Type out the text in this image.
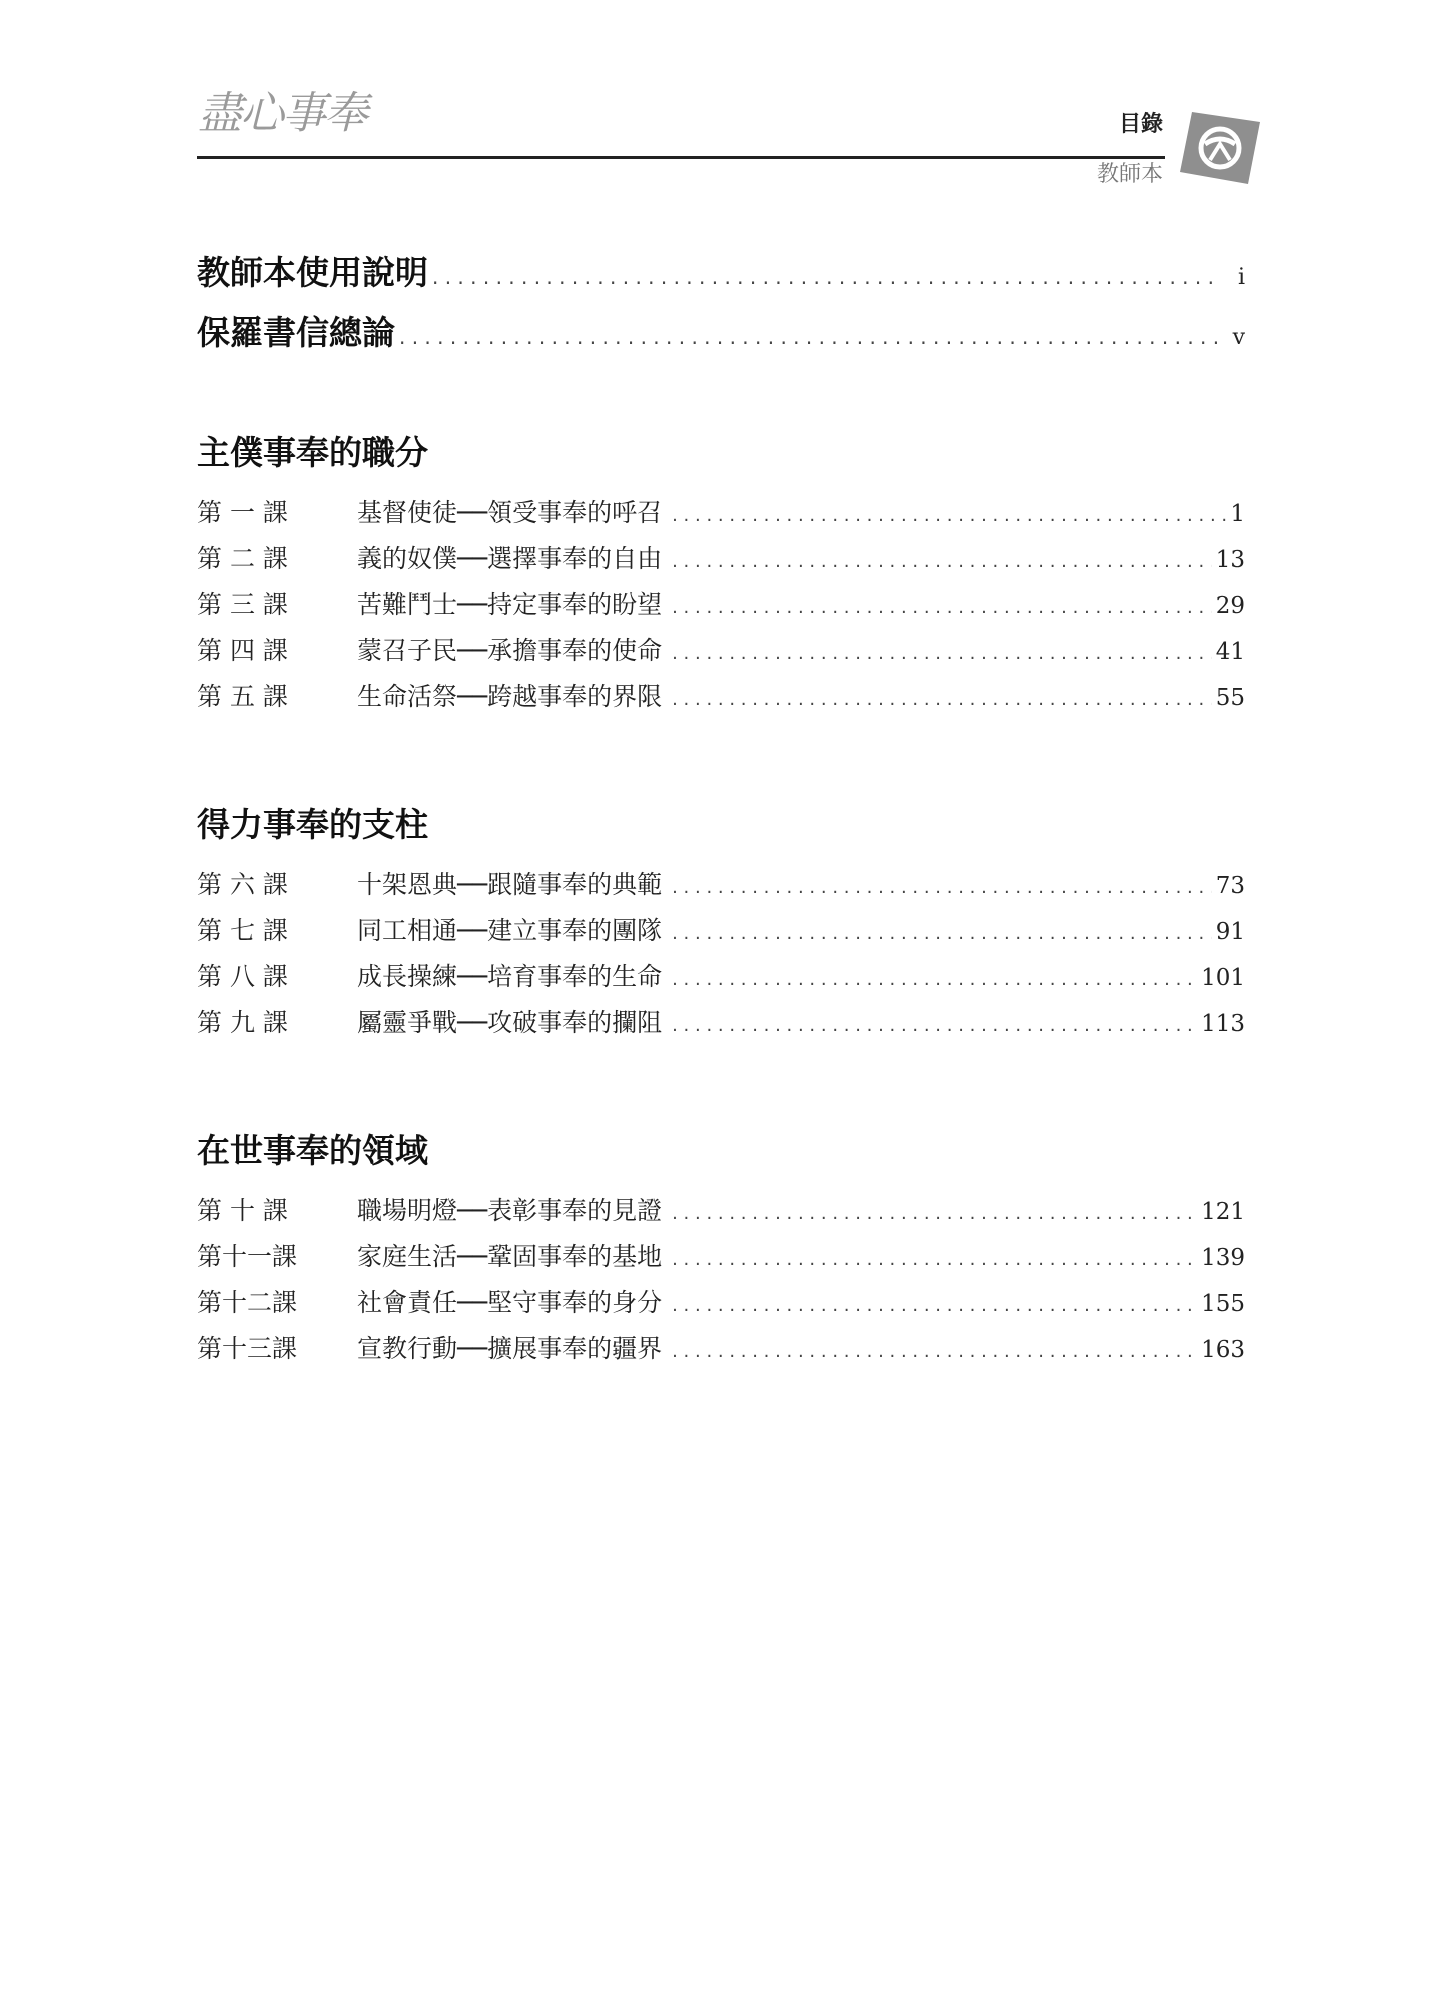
盡心事奉	目錄
教師本
教師本使用說明 . . .	i
保羅書信總論 . . .	v
主僕事奉的職分
第 一 課	基督使徒──領受事奉的呼召 . . .	1
第 二 課	義的奴僕──選擇事奉的自由 . . .	13
第 三 課	苦難鬥士──持定事奉的盼望 . . .	29
第 四 課	蒙召子民──承擔事奉的使命 . . .	41
第 五 課	生命活祭──跨越事奉的界限 . . .	55
得力事奉的支柱
第 六 課	十架恩典──跟隨事奉的典範 . . .	73
第 七 課	同工相通──建立事奉的團隊 . . .	91
第 八 課	成長操練──培育事奉的生命 . . .	101
第 九 課	屬靈爭戰──攻破事奉的攔阻 . . .	113
在世事奉的領域
第 十 課	職場明燈──表彰事奉的見證 . . .	121
第十一課	家庭生活──鞏固事奉的基地 . . .	139
第十二課	社會責任──堅守事奉的身分 . . .	155
第十三課	宣教行動──擴展事奉的疆界 . . .	163
